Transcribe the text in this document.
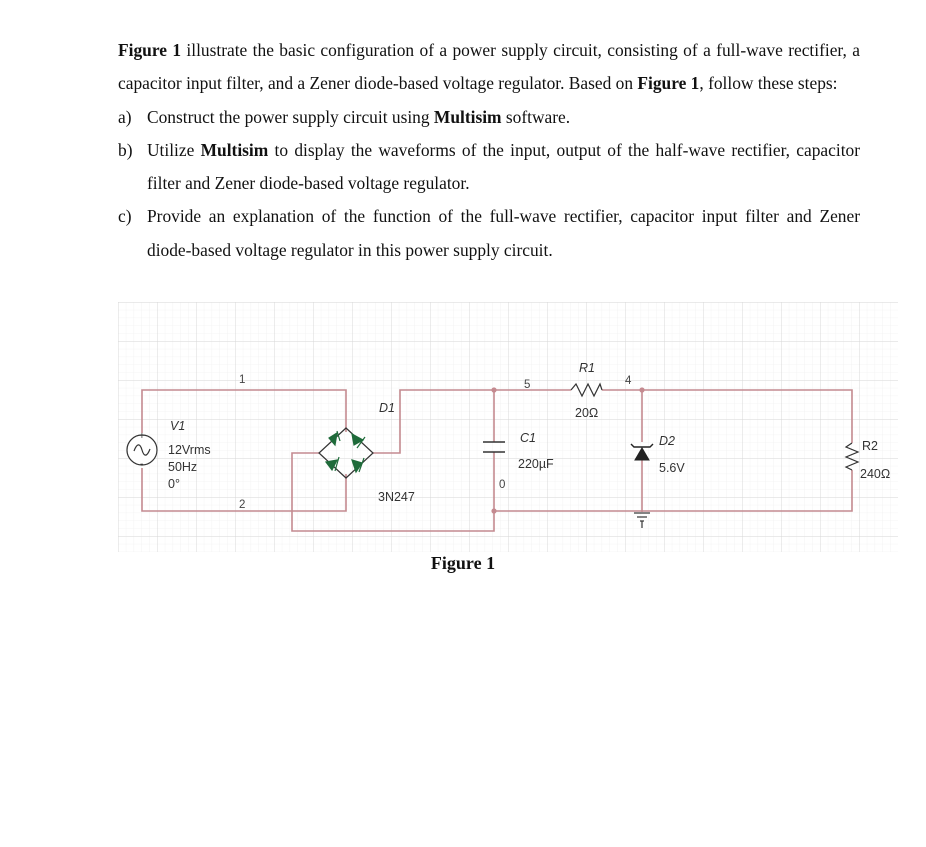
Figure 1 illustrate the basic configuration of a power supply circuit, consisting of a full-wave rectifier, a capacitor input filter, and a Zener diode-based voltage regulator. Based on Figure 1, follow these steps:

a) Construct the power supply circuit using Multisim software.

b) Utilize Multisim to display the waveforms of the input, output of the half-wave rectifier, capacitor filter and Zener diode-based voltage regulator.

c) Provide an explanation of the function of the full-wave rectifier, capacitor input filter and Zener diode-based voltage regulator in this power supply circuit.

+
-
V1
12Vrms
50Hz
0°
1
2
5	4
0
D1
3N247
C1
220µF
R1
20Ω
D2
5.6V
R2
240Ω
Figure 1
